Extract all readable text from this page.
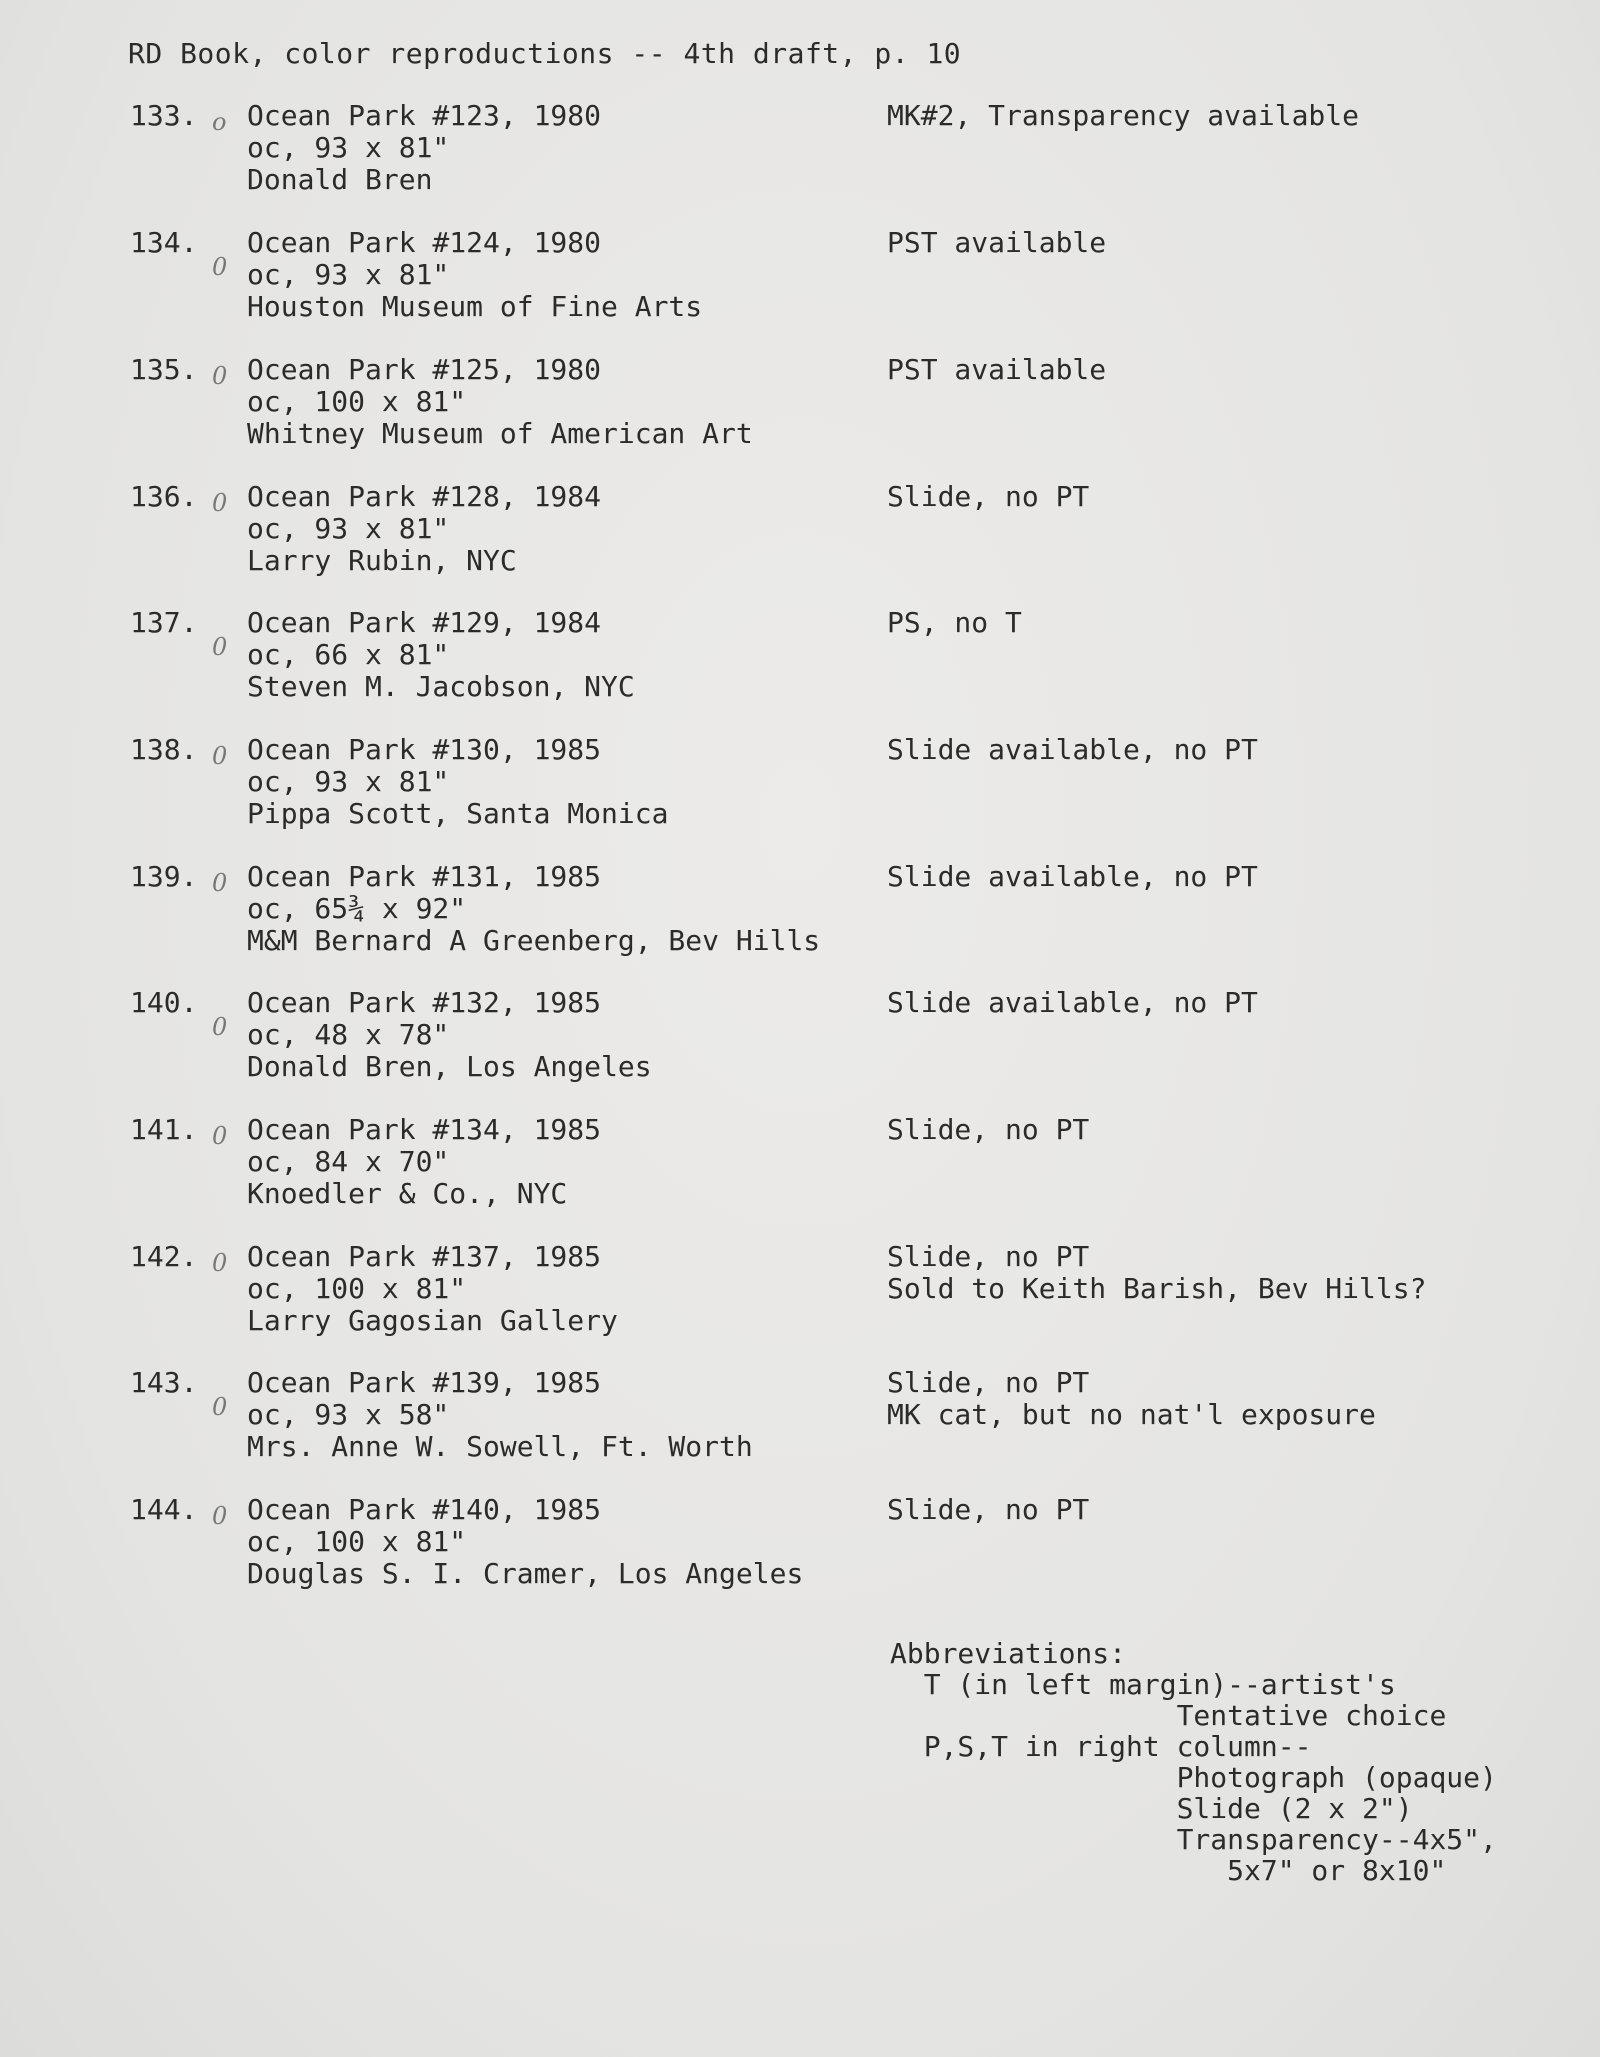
RD Book, color reproductions -- 4th draft, p. 10
133. Ocean Park #123, 1980
oc, 93 x 81"
Donald Bren
MK#2, Transparency available
o
134. Ocean Park #124, 1980
oc, 93 x 81"
Houston Museum of Fine Arts
PST available
0
135. Ocean Park #125, 1980
oc, 100 x 81"
Whitney Museum of American Art
PST available
0
136. Ocean Park #128, 1984
oc, 93 x 81"
Larry Rubin, NYC
Slide, no PT
0
137. Ocean Park #129, 1984
oc, 66 x 81"
Steven M. Jacobson, NYC
PS, no T
0
138. Ocean Park #130, 1985
oc, 93 x 81"
Pippa Scott, Santa Monica
Slide available, no PT
0
139. Ocean Park #131, 1985
oc, 65¾ x 92"
M&M Bernard A Greenberg, Bev Hills
Slide available, no PT
0
140. Ocean Park #132, 1985
oc, 48 x 78"
Donald Bren, Los Angeles
Slide available, no PT
0
141. Ocean Park #134, 1985
oc, 84 x 70"
Knoedler & Co., NYC
Slide, no PT
0
142. Ocean Park #137, 1985
oc, 100 x 81"
Larry Gagosian Gallery
Slide, no PT
Sold to Keith Barish, Bev Hills?
0
143. Ocean Park #139, 1985
oc, 93 x 58"
Mrs. Anne W. Sowell, Ft. Worth
Slide, no PT
MK cat, but no nat'l exposure
0
144. Ocean Park #140, 1985
oc, 100 x 81"
Douglas S. I. Cramer, Los Angeles
Slide, no PT
0
Abbreviations:
T (in left margin)--artist's
Tentative choice
P,S,T in right column--
Photograph (opaque)
Slide (2 x 2")
Transparency--4x5",
5x7" or 8x10"
